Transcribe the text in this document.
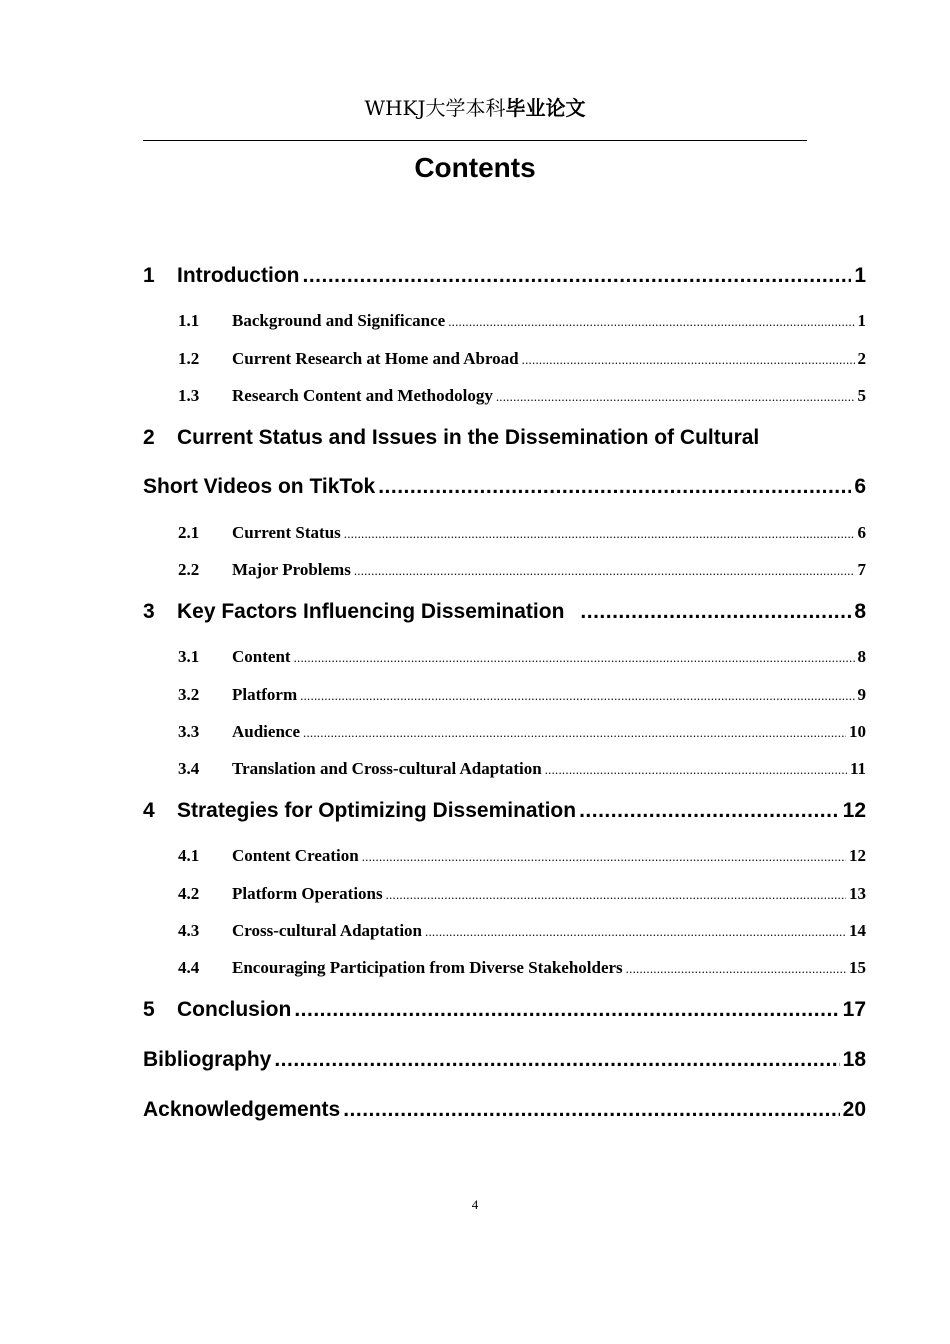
WHKJ大学本科毕业论文
Contents
1	Introduction .....	1
1.1	Background and Significance .....	1
1.2	Current Research at Home and Abroad .....	2
1.3	Research Content and Methodology .....	5
2 Current Status and Issues in the Dissemination of Cultural
Short Videos on TikTok .....	6
2.1	Current Status .....	6
2.2	Major Problems .....	7
3	Key Factors Influencing Dissemination .....	8
3.1	Content .....	8
3.2	Platform .....	9
3.3	Audience .....	10
3.4	Translation and Cross-cultural Adaptation .....	11
4	Strategies for Optimizing Dissemination .....	12
4.1	Content Creation .....	12
4.2	Platform Operations .....	13
4.3	Cross-cultural Adaptation .....	14
4.4	Encouraging Participation from Diverse Stakeholders .....	15
5	Conclusion .....	17
Bibliography .....	18
Acknowledgements .....	20
4
